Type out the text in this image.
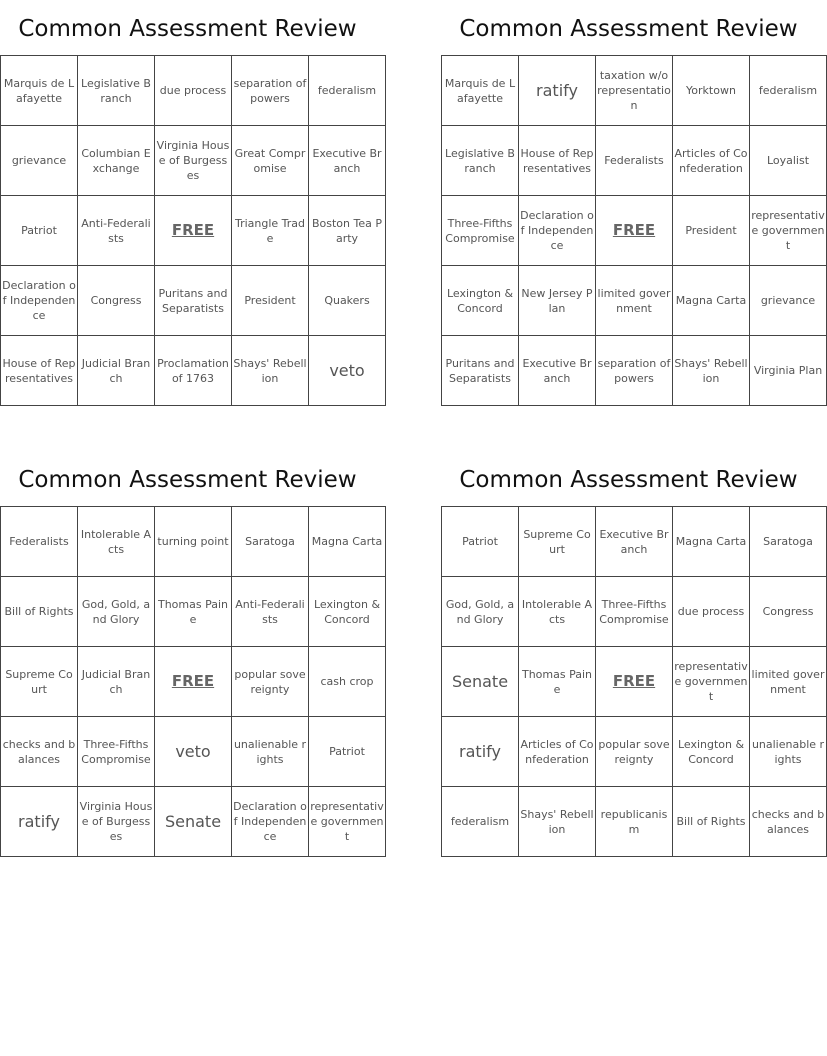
Common Assessment Review
Marquis de Lafayette	Legislative Branch	due process	separation of powers	federalism
grievance	Columbian Exchange	Virginia House of Burgesses	Great Compromise	Executive Branch
Patriot	Anti-Federalists	FREE	Triangle Trade	Boston Tea Party
Declaration of Independence	Congress	Puritans and Separatists	President	Quakers
House of Representatives	Judicial Branch	Proclamation of 1763	Shays' Rebellion	veto
Common Assessment Review
Marquis de Lafayette	ratify	taxation w/o representation	Yorktown	federalism
Legislative Branch	House of Representatives	Federalists	Articles of Confederation	Loyalist
Three-Fifths Compromise	Declaration of Independence	FREE	President	representative government
Lexington & Concord	New Jersey Plan	limited government	Magna Carta	grievance
Puritans and Separatists	Executive Branch	separation of powers	Shays' Rebellion	Virginia Plan
Common Assessment Review
Federalists	Intolerable Acts	turning point	Saratoga	Magna Carta
Bill of Rights	God, Gold, and Glory	Thomas Paine	Anti-Federalists	Lexington & Concord
Supreme Court	Judicial Branch	FREE	popular sovereignty	cash crop
checks and balances	Three-Fifths Compromise	veto	unalienable rights	Patriot
ratify	Virginia House of Burgesses	Senate	Declaration of Independence	representative government
Common Assessment Review
Patriot	Supreme Court	Executive Branch	Magna Carta	Saratoga
God, Gold, and Glory	Intolerable Acts	Three-Fifths Compromise	due process	Congress
Senate	Thomas Paine	FREE	representative government	limited government
ratify	Articles of Confederation	popular sovereignty	Lexington & Concord	unalienable rights
federalism	Shays' Rebellion	republicanism	Bill of Rights	checks and balances
